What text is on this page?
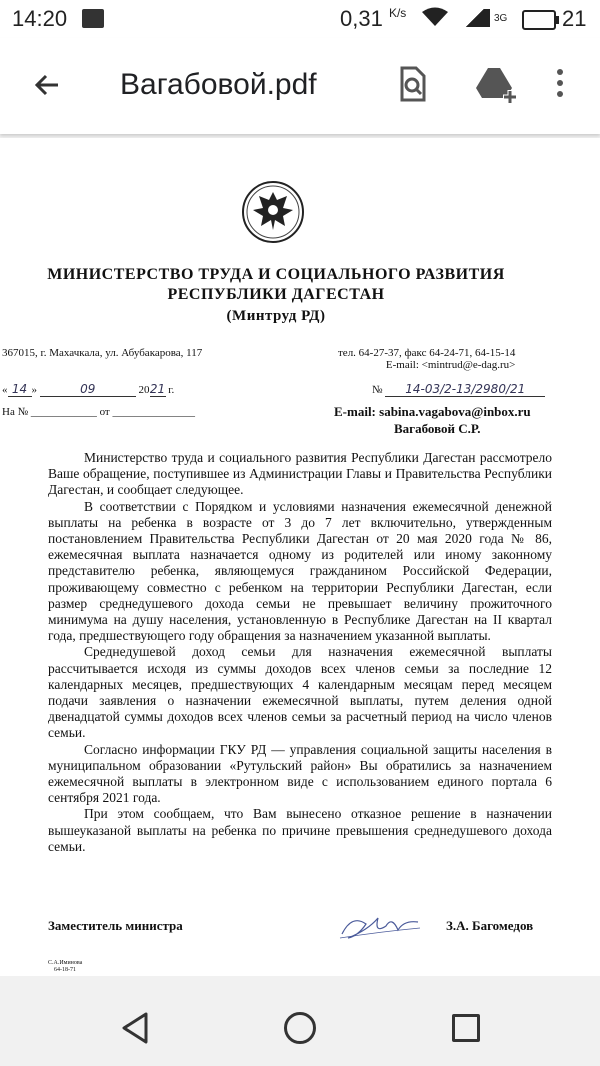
14:20	0,31 $^{K/s}$	3G 21
Вагабовой.pdf
МИНИСТЕРСТВО ТРУДА И СОЦИАЛЬНОГО РАЗВИТИЯ
РЕСПУБЛИКИ ДАГЕСТАН
(Минтруд РД)
367015, г. Махачкала, ул. Абубакарова, 117	тел. 64-27-37, факс 64-24-71, 64-15-14
E-mail: <mintrud@e-dag.ru>
« 14 »	09	2021 г.	№ 14-03/2-13/2980/21
На № ____________ от _______________	E-mail: sabina.vagabova@inbox.ru
Вагабовой С.Р.

Министерство труда и социального развития Республики Дагестан рассмотрело Ваше обращение, поступившее из Администрации Главы и Правительства Республики Дагестан, и сообщает следующее.

В соответствии с Порядком и условиями назначения ежемесячной денежной выплаты на ребенка в возрасте от 3 до 7 лет включительно, утвержденным постановлением Правительства Республики Дагестан от 20 мая 2020 года № 86, ежемесячная выплата назначается одному из родителей или иному законному представителю ребенка, являющемуся гражданином Российской Федерации, проживающему совместно с ребенком на территории Республики Дагестан, если размер среднедушевого дохода семьи не превышает величину прожиточного минимума на душу населения, установленную в Республике Дагестан на II квартал года, предшествующего году обращения за назначением указанной выплаты.

Среднедушевой доход семьи для назначения ежемесячной выплаты рассчитывается исходя из суммы доходов всех членов семьи за последние 12 календарных месяцев, предшествующих 4 календарным месяцам перед месяцем подачи заявления о назначении ежемесячной выплаты, путем деления одной двенадцатой суммы доходов всех членов семьи за расчетный период на число членов семьи.

Согласно информации ГКУ РД — управления социальной защиты населения в муниципальном образовании «Рутульский район» Вы обратились за назначением ежемесячной выплаты в электронном виде с использованием единого портала 6 сентября 2021 года.

При этом сообщаем, что Вам вынесено отказное решение в назначении вышеуказаной выплаты на ребенка по причине превышения среднедушевого дохода семьи.

Заместитель министра	З.А. Багомедов
С.А.Иминова
64-18-71
